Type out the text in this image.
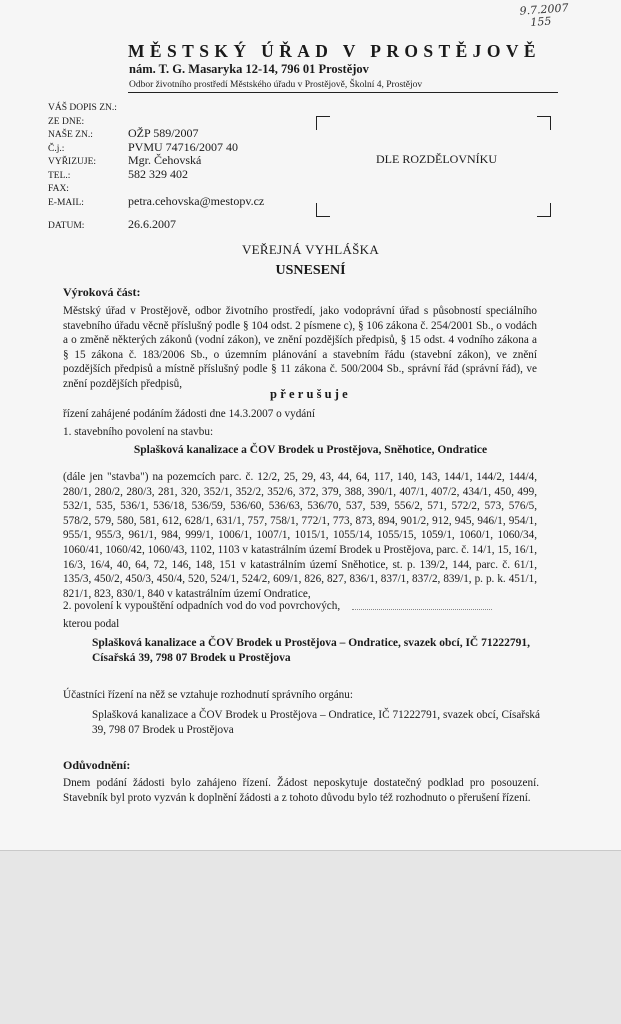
9.7.2007
155
MĚSTSKÝ ÚŘAD V PROSTĚJOVĚ
nám. T. G. Masaryka 12-14, 796 01 Prostějov
Odbor životního prostředí Městského úřadu v Prostějově, Školní 4, Prostějov
VÁŠ DOPIS ZN.:
ZE DNE:
NAŠE ZN.:
Č.j.:
VYŘIZUJE:
TEL.:
FAX:
E-MAIL:
DATUM:
OŽP 589/2007
PVMU 74716/2007 40
Mgr. Čehovská
582 329 402
petra.cehovska@mestopv.cz
26.6.2007
DLE ROZDĚLOVNÍKU
VEŘEJNÁ VYHLÁŠKA
USNESENÍ
Výroková část:
Městský úřad v Prostějově, odbor životního prostředí, jako vodoprávní úřad s působností speciálního stavebního úřadu věcně příslušný podle § 104 odst. 2 písmene c), § 106 zákona č. 254/2001 Sb., o vodách a o změně některých zákonů (vodní zákon), ve znění pozdějších předpisů, § 15 odst. 4 vodního zákona a § 15 zákona č. 183/2006 Sb., o územním plánování a stavebním řádu (stavební zákon), ve znění pozdějších předpisů a místně příslušný podle § 11 zákona č. 500/2004 Sb., správní řád (správní řád), ve znění pozdějších předpisů,
přerušuje
řízení zahájené podáním žádosti dne 14.3.2007 o vydání
1. stavebního povolení na stavbu:
Splašková kanalizace a ČOV Brodek u Prostějova, Sněhotice, Ondratice
(dále jen "stavba") na pozemcích parc. č. 12/2, 25, 29, 43, 44, 64, 117, 140, 143, 144/1, 144/2, 144/4, 280/1, 280/2, 280/3, 281, 320, 352/1, 352/2, 352/6, 372, 379, 388, 390/1, 407/1, 407/2, 434/1, 450, 499, 532/1, 535, 536/1, 536/18, 536/59, 536/60, 536/63, 536/70, 537, 539, 556/2, 571, 572/2, 573, 576/5, 578/2, 579, 580, 581, 612, 628/1, 631/1, 757, 758/1, 772/1, 773, 873, 894, 901/2, 912, 945, 946/1, 954/1, 955/1, 955/3, 961/1, 984, 999/1, 1006/1, 1007/1, 1015/1, 1055/14, 1055/15, 1059/1, 1060/1, 1060/34, 1060/41, 1060/42, 1060/43, 1102, 1103 v katastrálním území Brodek u Prostějova, parc. č. 14/1, 15, 16/1, 16/3, 16/4, 40, 64, 72, 146, 148, 151 v katastrálním území Sněhotice, st. p. 139/2, 144, parc. č. 61/1, 135/3, 450/2, 450/3, 450/4, 520, 524/1, 524/2, 609/1, 826, 827, 836/1, 837/1, 837/2, 839/1, p. p. k. 451/1, 821/1, 823, 830/1, 840 v katastrálním území Ondratice,
2. povolení k vypouštění odpadních vod do vod povrchových,
kterou podal
Splašková kanalizace a ČOV Brodek u Prostějova – Ondratice, svazek obcí, IČ 71222791, Císařská 39, 798 07 Brodek u Prostějova
Účastníci řízení na něž se vztahuje rozhodnutí správního orgánu:
Splašková kanalizace a ČOV Brodek u Prostějova – Ondratice, IČ 71222791, svazek obcí, Císařská 39, 798 07 Brodek u Prostějova
Odůvodnění:
Dnem podání žádosti bylo zahájeno řízení. Žádost neposkytuje dostatečný podklad pro posouzení. Stavebník byl proto vyzván k doplnění žádosti a z tohoto důvodu bylo též rozhodnuto o přerušení řízení.
